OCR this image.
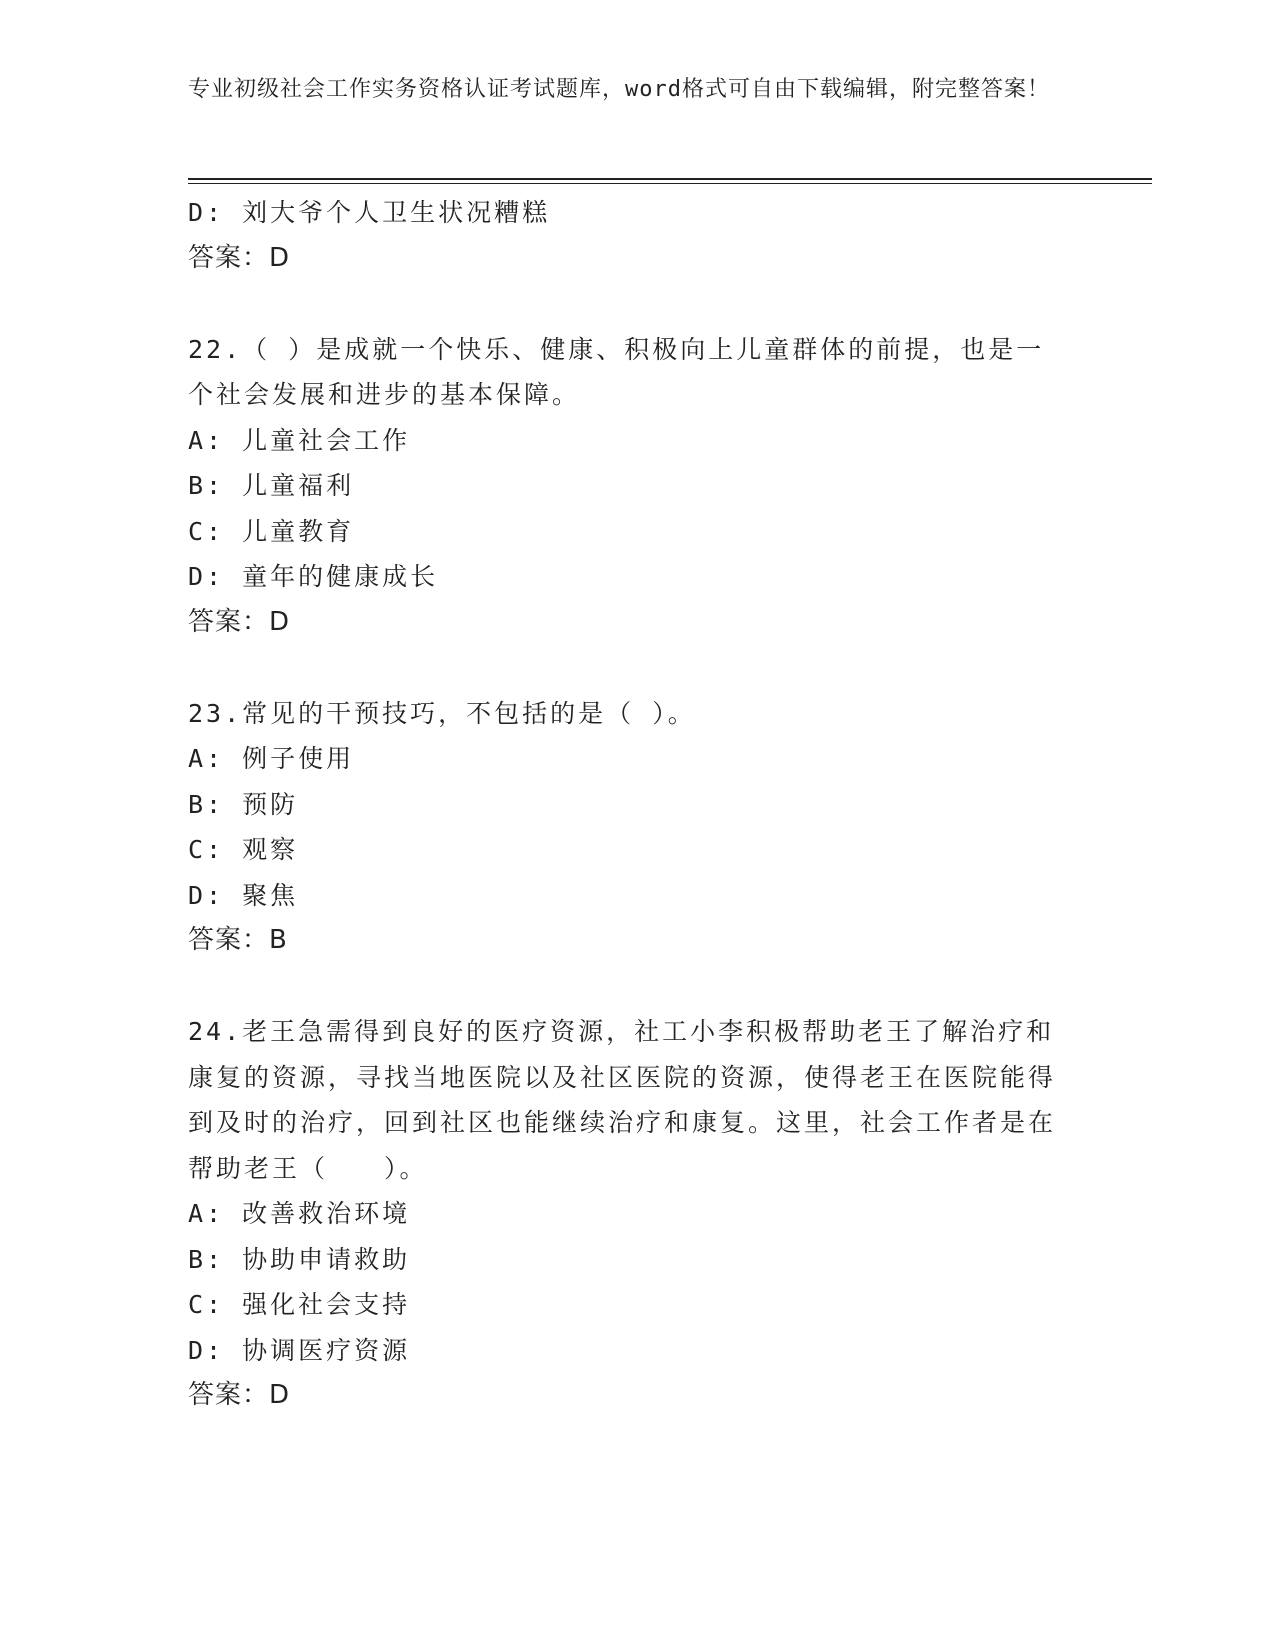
专业初级社会工作实务资格认证考试题库，word格式可自由下载编辑，附完整答案！
D: 刘大爷个人卫生状况糟糕
答案：D
22.（ ）是成就一个快乐、健康、积极向上儿童群体的前提，也是一个社会发展和进步的基本保障。
A: 儿童社会工作
B: 儿童福利
C: 儿童教育
D: 童年的健康成长
答案：D
23.常见的干预技巧，不包括的是（ ）。
A: 例子使用
B: 预防
C: 观察
D: 聚焦
答案：B
24.老王急需得到良好的医疗资源，社工小李积极帮助老王了解治疗和康复的资源，寻找当地医院以及社区医院的资源，使得老王在医院能得到及时的治疗，回到社区也能继续治疗和康复。这里，社会工作者是在帮助老王（　　）。
A: 改善救治环境
B: 协助申请救助
C: 强化社会支持
D: 协调医疗资源
答案：D
